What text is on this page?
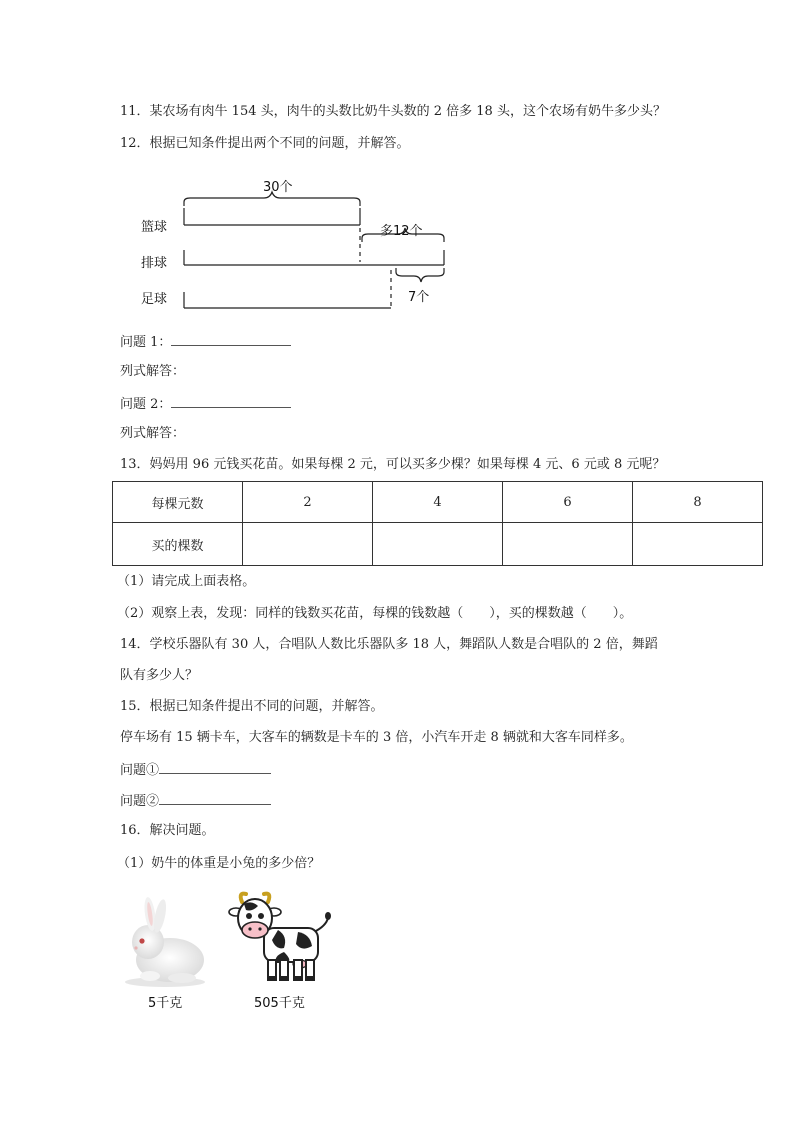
11．某农场有肉牛 154 头，肉牛的头数比奶牛头数的 2 倍多 18 头，这个农场有奶牛多少头？
12．根据已知条件提出两个不同的问题，并解答。
30个
多12个
7个
篮球
排球
足球
问题 1：
列式解答：
问题 2：
列式解答：
13．妈妈用 96 元钱买花苗。如果每棵 2 元，可以买多少棵？如果每棵 4 元、6 元或 8 元呢？
每棵元数	2	4	6	8
买的棵数				
（1）请完成上面表格。
（2）观察上表，发现：同样的钱数买花苗，每棵的钱数越（　　），买的棵数越（　　）。
14．学校乐器队有 30 人，合唱队人数比乐器队多 18 人，舞蹈队人数是合唱队的 2 倍，舞蹈
队有多少人？
15．根据已知条件提出不同的问题，并解答。
停车场有 15 辆卡车，大客车的辆数是卡车的 3 倍，小汽车开走 8 辆就和大客车同样多。
问题①
问题②
16．解决问题。
（1）奶牛的体重是小兔的多少倍？
5千克	505千克
